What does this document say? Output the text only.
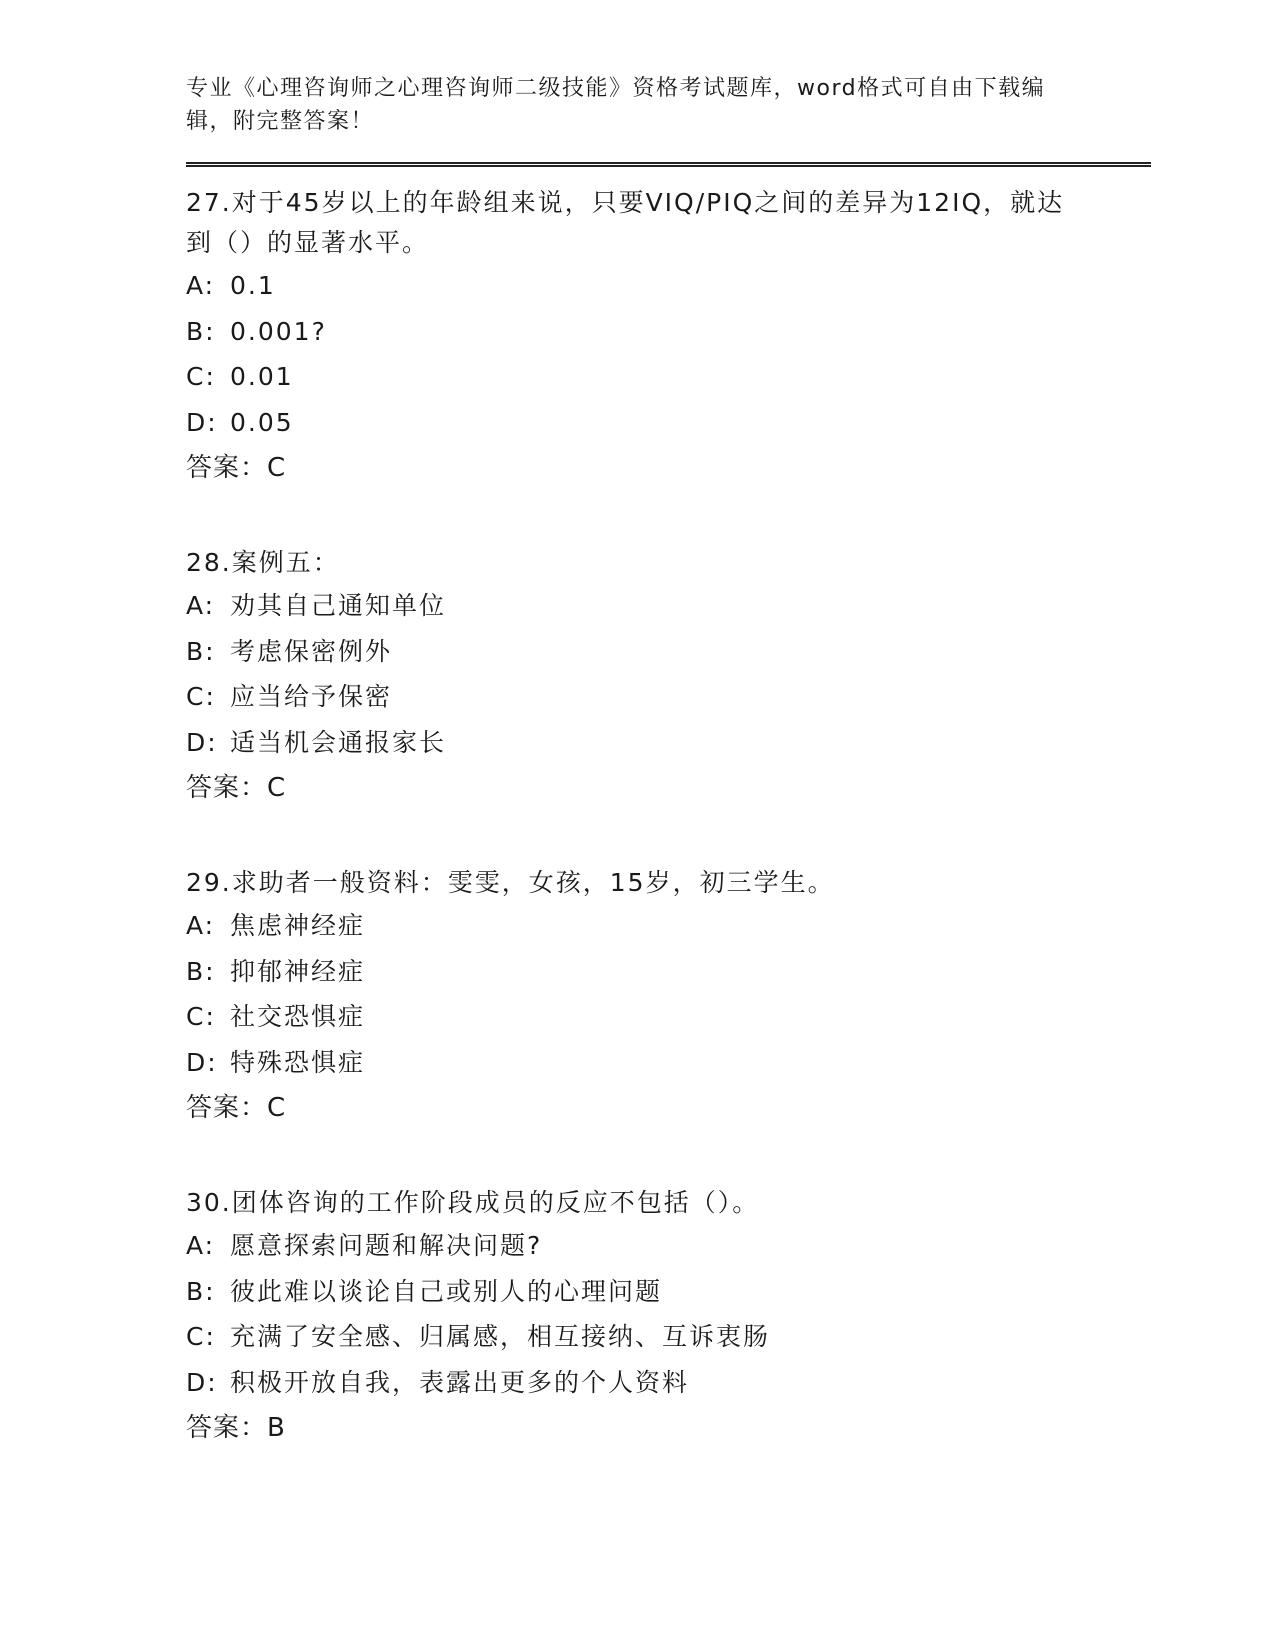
专业《心理咨询师之心理咨询师二级技能》资格考试题库，word格式可自由下载编辑，附完整答案！
27.对于45岁以上的年龄组来说，只要VIQ/PIQ之间的差异为12IQ，就达到（）的显著水平。
A: 0.1
B: 0.001?
C: 0.01
D: 0.05
答案：C
28.案例五：
A: 劝其自己通知单位
B: 考虑保密例外
C: 应当给予保密
D: 适当机会通报家长
答案：C
29.求助者一般资料：雯雯，女孩，15岁，初三学生。
A: 焦虑神经症
B: 抑郁神经症
C: 社交恐惧症
D: 特殊恐惧症
答案：C
30.团体咨询的工作阶段成员的反应不包括（）。
A: 愿意探索问题和解决问题?
B: 彼此难以谈论自己或别人的心理问题
C: 充满了安全感、归属感，相互接纳、互诉衷肠
D: 积极开放自我，表露出更多的个人资料
答案：B
